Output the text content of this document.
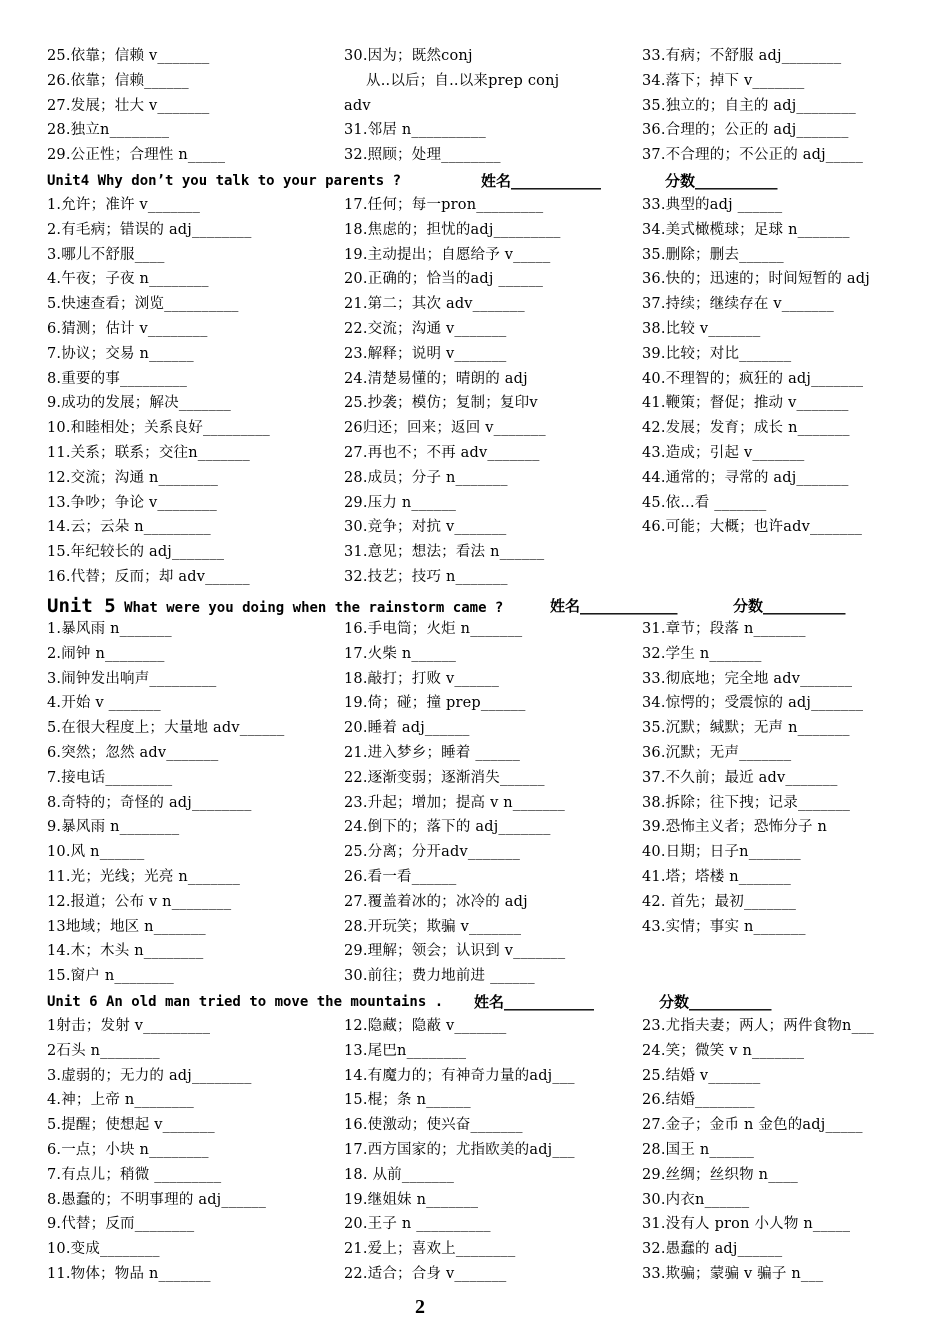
25.依靠；信赖 v_______
26.依靠；信赖______
27.发展；壮大 v_______
28.独立n________
29.公正性；合理性 n_____
30.因为；既然conj
从..以后；自..以来prep conj
adv
31.邻居 n__________
32.照顾；处理________
33.有病；不舒服 adj________
34.落下；掉下 v_______
35.独立的；自主的 adj________
36.合理的；公正的 adj_______
37.不合理的；不公正的 adj_____
Unit4 Why don’t you talk to your parents ?	姓名____________	分数___________
1.允许；准许 v_______
2.有毛病；错误的 adj________
3.哪儿不舒服____
4.午夜；子夜 n________
5.快速查看；浏览__________
6.猜测；估计 v________
7.协议；交易 n______
8.重要的事_________
9.成功的发展；解决_______
10.和睦相处；关系良好_________
11.关系；联系；交往n_______
12.交流；沟通 n________
13.争吵；争论 v________
14.云；云朵 n_________
15.年纪较长的 adj_______
16.代替；反而；却 adv______
17.任何；每一pron_________
18.焦虑的；担忧的adj_________
19.主动提出；自愿给予 v_____
20.正确的；恰当的adj ______
21.第二；其次 adv_______
22.交流；沟通 v_______
23.解释；说明 v_______
24.清楚易懂的；晴朗的 adj
25.抄袭；模仿；复制；复印v
26归还；回来；返回 v_______
27.再也不；不再 adv_______
28.成员；分子 n_______
29.压力 n______
30.竞争；对抗 v_______
31.意见；想法；看法 n______
32.技艺；技巧 n_______
33.典型的adj ______
34.美式橄榄球；足球 n_______
35.删除；删去______
36.快的；迅速的；时间短暂的 adj
37.持续；继续存在 v_______
38.比较 v_______
39.比较；对比_______
40.不理智的；疯狂的 adj_______
41.鞭策；督促；推动 v_______
42.发展；发育；成长 n_______
43.造成；引起 v_______
44.通常的；寻常的 adj_______
45.依...看 _______
46.可能；大概；也许adv_______
Unit 5 What were you doing when the rainstorm came ?	姓名_____________	分数___________
1.暴风雨 n_______
2.闹钟 n________
3.闹钟发出响声_________
4.开始 v _______
5.在很大程度上；大量地 adv______
6.突然；忽然 adv_______
7.接电话_________
8.奇特的；奇怪的 adj________
9.暴风雨 n________
10.风 n______
11.光；光线；光亮 n_______
12.报道；公布 v n________
13地域；地区 n_______
14.木；木头 n________
15.窗户 n________
16.手电筒；火炬 n_______
17.火柴 n______
18.敲打；打败 v______
19.倚；碰；撞 prep______
20.睡着 adj______
21.进入梦乡；睡着 ______
22.逐渐变弱；逐渐消失______
23.升起；增加；提高 v n_______
24.倒下的；落下的 adj_______
25.分离；分开adv_______
26.看一看______
27.覆盖着冰的；冰冷的 adj
28.开玩笑；欺骗 v_______
29.理解；领会；认识到 v_______
30.前往；费力地前进 ______
31.章节；段落 n_______
32.学生 n_______
33.彻底地；完全地 adv_______
34.惊愕的；受震惊的 adj_______
35.沉默；缄默；无声 n_______
36.沉默；无声_______
37.不久前；最近 adv_______
38.拆除；往下拽；记录_______
39.恐怖主义者；恐怖分子 n
40.日期；日子n_______
41.塔；塔楼 n_______
42. 首先；最初_______
43.实情；事实 n_______
Unit 6 An old man tried to move the mountains . 姓名____________	分数___________
1射击；发射 v_________
2石头 n________
3.虚弱的；无力的 adj________
4.神；上帝 n________
5.提醒；使想起 v_______
6.一点；小块 n________
7.有点儿；稍微 _________
8.愚蠢的；不明事理的 adj______
9.代替；反而________
10.变成________
11.物体；物品 n_______
12.隐藏；隐蔽 v_______
13.尾巴n________
14.有魔力的；有神奇力量的adj___
15.棍；条 n______
16.使激动；使兴奋_______
17.西方国家的；尤指欧美的adj___
18. 从前_______
19.继姐妹 n_______
20.王子 n __________
21.爱上；喜欢上________
22.适合；合身 v_______
23.尤指夫妻；两人；两件食物n___
24.笑；微笑 v n_______
25.结婚 v_______
26.结婚________
27.金子；金币 n 金色的adj_____
28.国王 n______
29.丝绸；丝织物 n____
30.内衣n______
31.没有人 pron 小人物 n_____
32.愚蠢的 adj______
33.欺骗；蒙骗 v 骗子 n___
2
